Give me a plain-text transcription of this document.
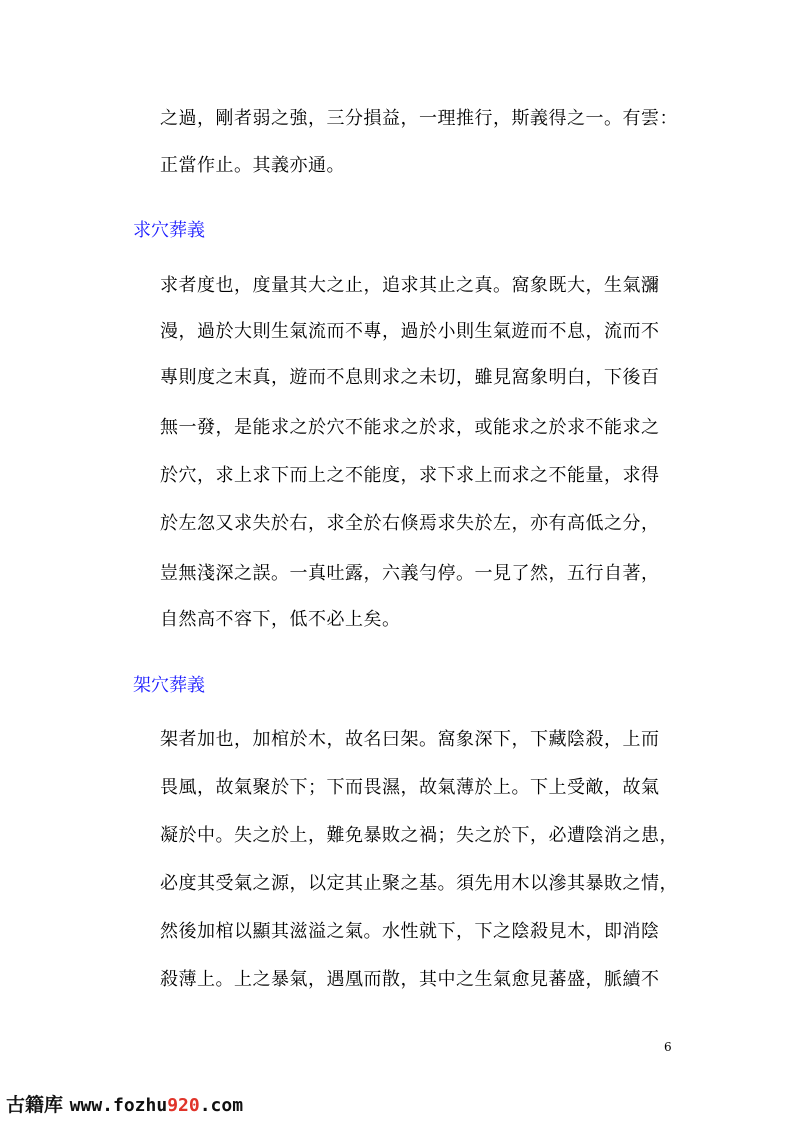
之過，剛者弱之強，三分損益，一理推行，斯義得之一。有雲：
正當作止。其義亦通。
求穴葬義
求者度也，度量其大之止，追求其止之真。窩象既大，生氣瀰
漫，過於大則生氣流而不專，過於小則生氣遊而不息，流而不
專則度之末真，遊而不息則求之未切，雖見窩象明白，下後百
無一發，是能求之於穴不能求之於求，或能求之於求不能求之
於穴，求上求下而上之不能度，求下求上而求之不能量，求得
於左忽又求失於右，求全於右倏焉求失於左，亦有高低之分，
豈無淺深之誤。一真吐露，六義勻停。一見了然，五行自著，
自然高不容下，低不必上矣。
架穴葬義
架者加也，加棺於木，故名曰架。窩象深下，下藏陰殺，上而
畏風，故氣聚於下；下而畏濕，故氣薄於上。下上受敵，故氣
凝於中。失之於上，難免暴敗之禍；失之於下，必遭陰消之患，
必度其受氣之源，以定其止聚之基。須先用木以滲其暴敗之情，
然後加棺以顯其滋溢之氣。水性就下，下之陰殺見木，即消陰
殺薄上。上之暴氣，遇凰而散，其中之生氣愈見蕃盛，脈續不
6
古籍库 www.fozhu920.com
